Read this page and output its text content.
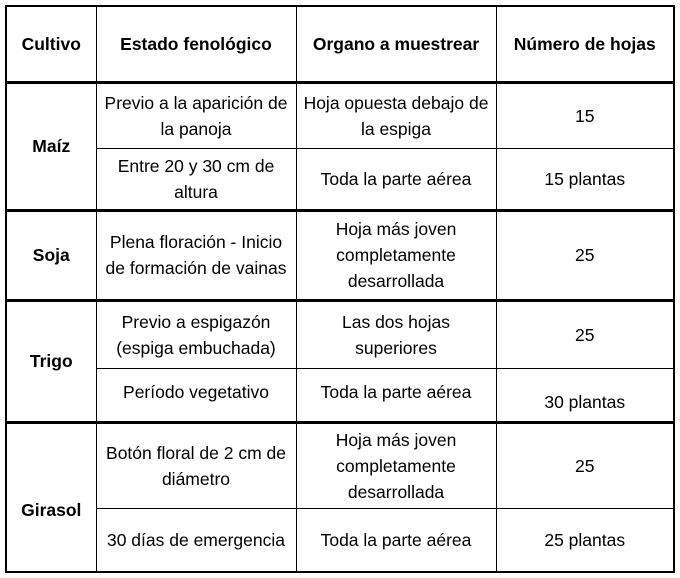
Cultivo	Estado fenológico	Organo a muestrear	Número de hojas
Maíz	Previo a la aparición de la panoja	Hoja opuesta debajo de la espiga	15
	Entre 20 y 30 cm de altura	Toda la parte aérea	15 plantas
Soja	Plena floración - Inicio de formación de vainas	Hoja más joven completamente desarrollada	25
Trigo	Previo a espigazón (espiga embuchada)	Las dos hojas superiores	25
	Período vegetativo	Toda la parte aérea	30 plantas
Girasol	Botón floral de 2 cm de diámetro	Hoja más joven completamente desarrollada	25
	30 días de emergencia	Toda la parte aérea	25 plantas
